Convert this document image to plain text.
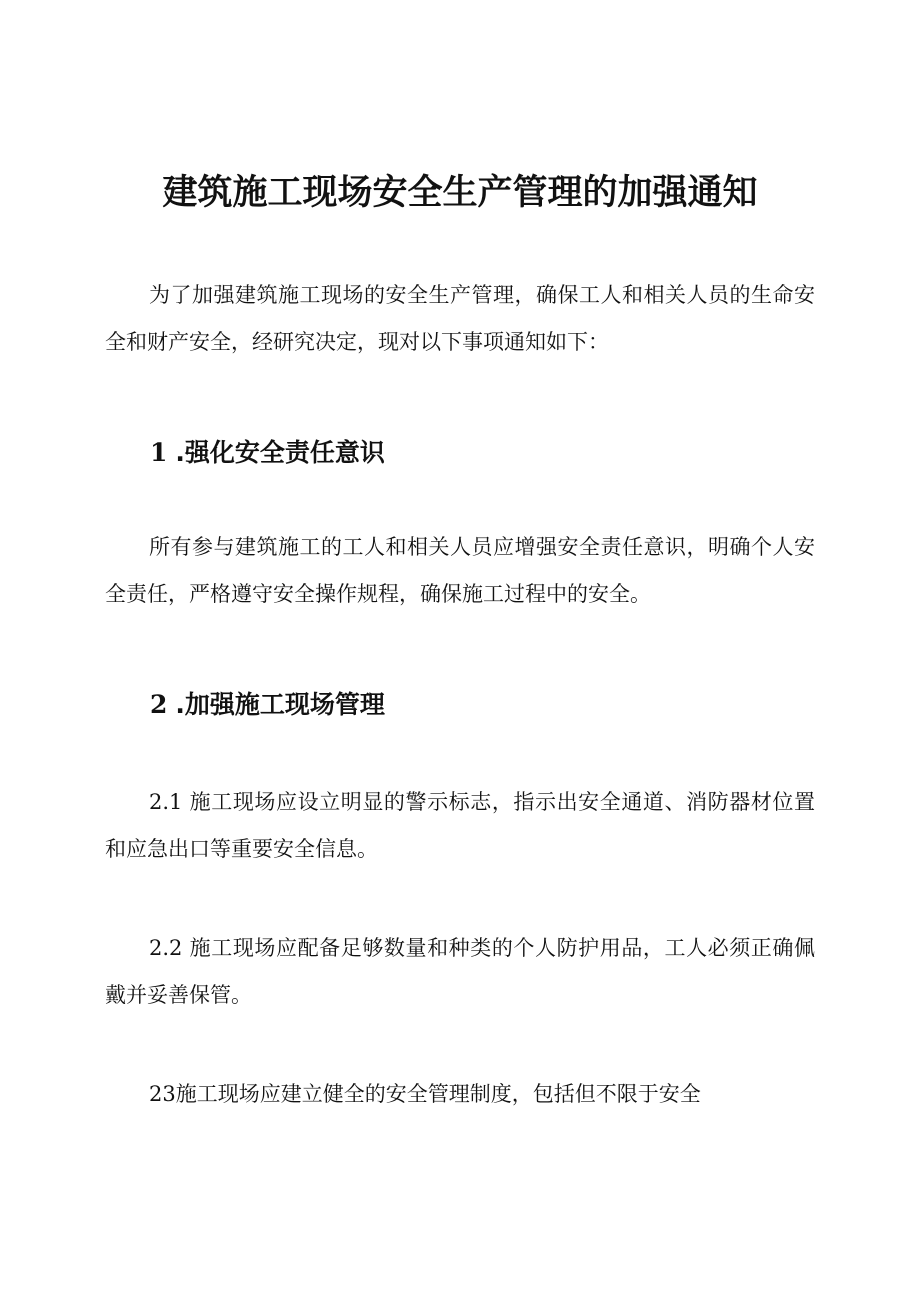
建筑施工现场安全生产管理的加强通知

为了加强建筑施工现场的安全生产管理，确保工人和相关人员的生命安全和财产安全，经研究决定，现对以下事项通知如下：

1 .强化安全责任意识

所有参与建筑施工的工人和相关人员应增强安全责任意识，明确个人安全责任，严格遵守安全操作规程，确保施工过程中的安全。

2 .加强施工现场管理

2.1 施工现场应设立明显的警示标志，指示出安全通道、消防器材位置和应急出口等重要安全信息。

2.2 施工现场应配备足够数量和种类的个人防护用品，工人必须正确佩戴并妥善保管。

23施工现场应建立健全的安全管理制度，包括但不限于安全
